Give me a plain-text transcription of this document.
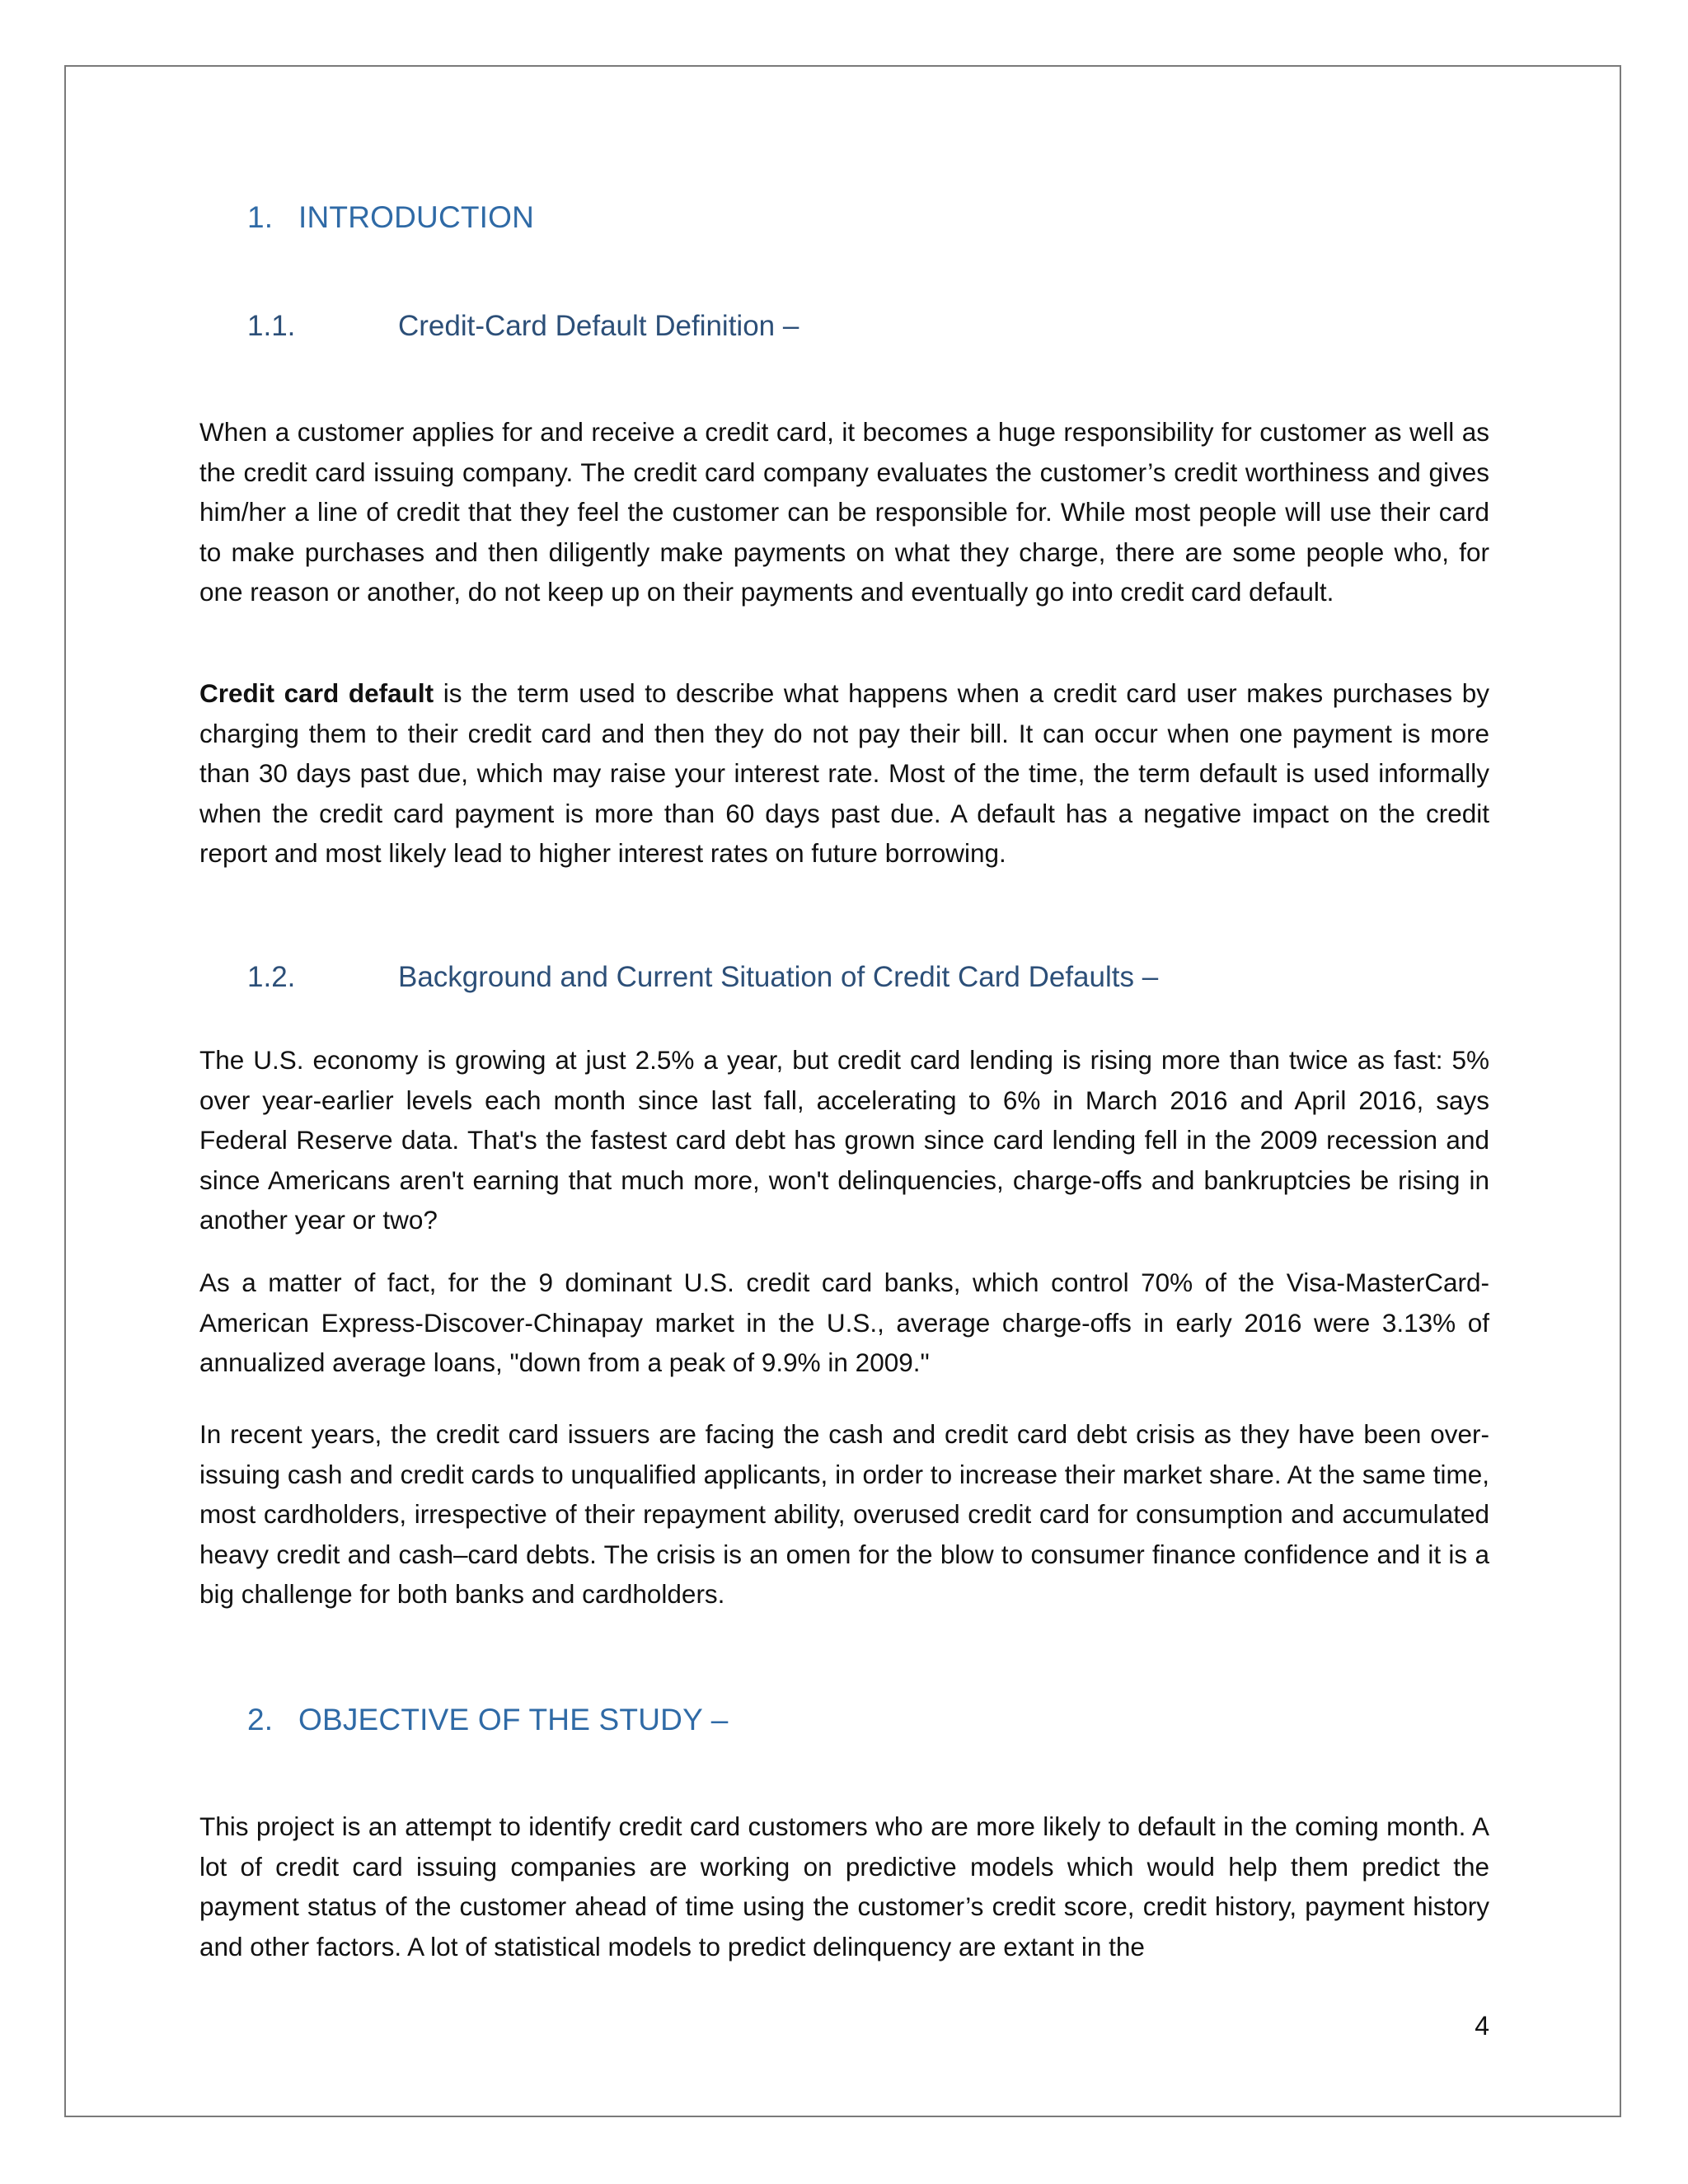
1. INTRODUCTION
1.1.	Credit-Card Default Definition –

When a customer applies for and receive a credit card, it becomes a huge responsibility for customer as well as the credit card issuing company. The credit card company evaluates the customer’s credit worthiness and gives him/her a line of credit that they feel the customer can be responsible for. While most people will use their card to make purchases and then diligently make payments on what they charge, there are some people who, for one reason or another, do not keep up on their payments and eventually go into credit card default.

Credit card default is the term used to describe what happens when a credit card user makes purchases by charging them to their credit card and then they do not pay their bill. It can occur when one payment is more than 30 days past due, which may raise your interest rate. Most of the time, the term default is used informally when the credit card payment is more than 60 days past due. A default has a negative impact on the credit report and most likely lead to higher interest rates on future borrowing.

1.2.	Background and Current Situation of Credit Card Defaults –

The U.S. economy is growing at just 2.5% a year, but credit card lending is rising more than twice as fast: 5% over year-earlier levels each month since last fall, accelerating to 6% in March 2016 and April 2016, says Federal Reserve data. That's the fastest card debt has grown since card lending fell in the 2009 recession and since Americans aren't earning that much more, won't delinquencies, charge-offs and bankruptcies be rising in another year or two?

As a matter of fact, for the 9 dominant U.S. credit card banks, which control 70% of the Visa-MasterCard-American Express-Discover-Chinapay market in the U.S., average charge-offs in early 2016 were 3.13% of annualized average loans, "down from a peak of 9.9% in 2009."

In recent years, the credit card issuers are facing the cash and credit card debt crisis as they have been over-issuing cash and credit cards to unqualified applicants, in order to increase their market share. At the same time, most cardholders, irrespective of their repayment ability, overused credit card for consumption and accumulated heavy credit and cash–card debts. The crisis is an omen for the blow to consumer finance confidence and it is a big challenge for both banks and cardholders.

2. OBJECTIVE OF THE STUDY –

This project is an attempt to identify credit card customers who are more likely to default in the coming month. A lot of credit card issuing companies are working on predictive models which would help them predict the payment status of the customer ahead of time using the customer’s credit score, credit history, payment history and other factors. A lot of statistical models to predict delinquency are extant in the

4
